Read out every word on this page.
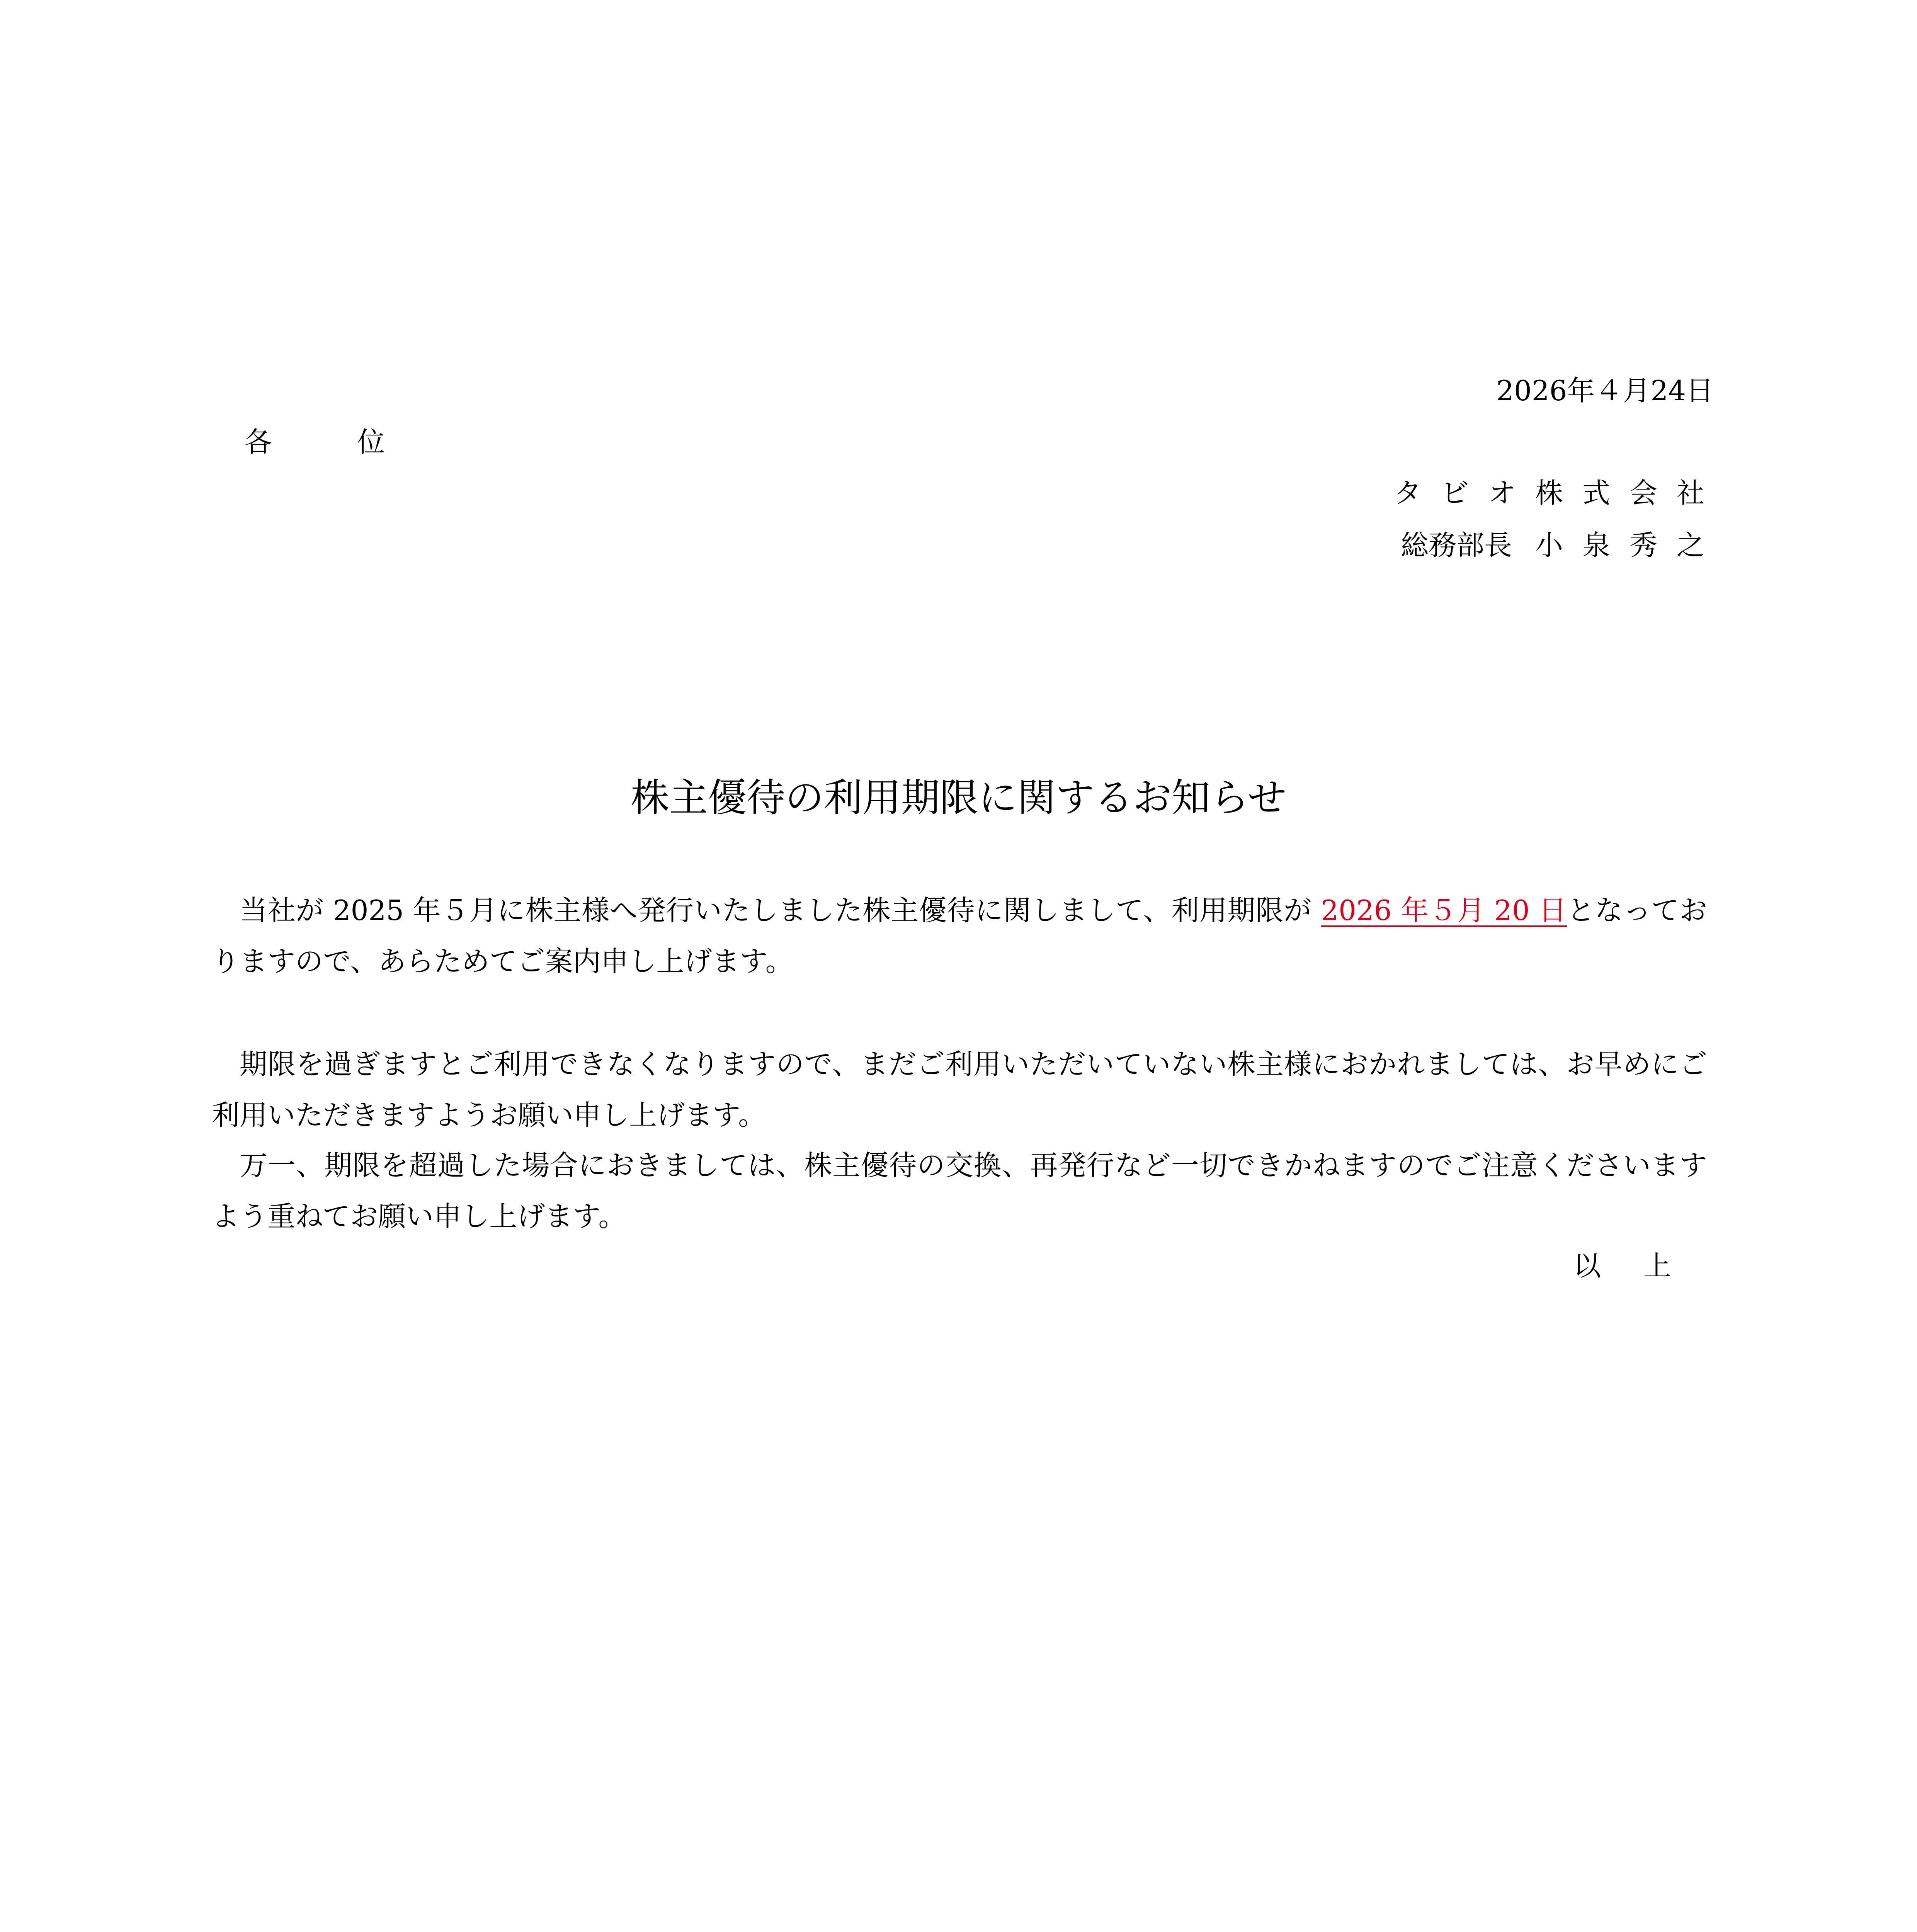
2026年４月24日
各位
タビオ株式会社
総務部長 小泉秀之
株主優待の利用期限に関するお知らせ
当社が 2025 年５月に株主様へ発行いたしました株主優待に関しまして、利用期限が 2026 年５月 20 日となっておりますので、あらためてご案内申し上げます。
期限を過ぎますとご利用できなくなりますので、まだご利用いただいていない株主様におかれましては、お早めにご利用いただきますようお願い申し上げます。
万一、期限を超過した場合におきましては、株主優待の交換、再発行など一切できかねますのでご注意くださいますよう重ねてお願い申し上げます。
以上
